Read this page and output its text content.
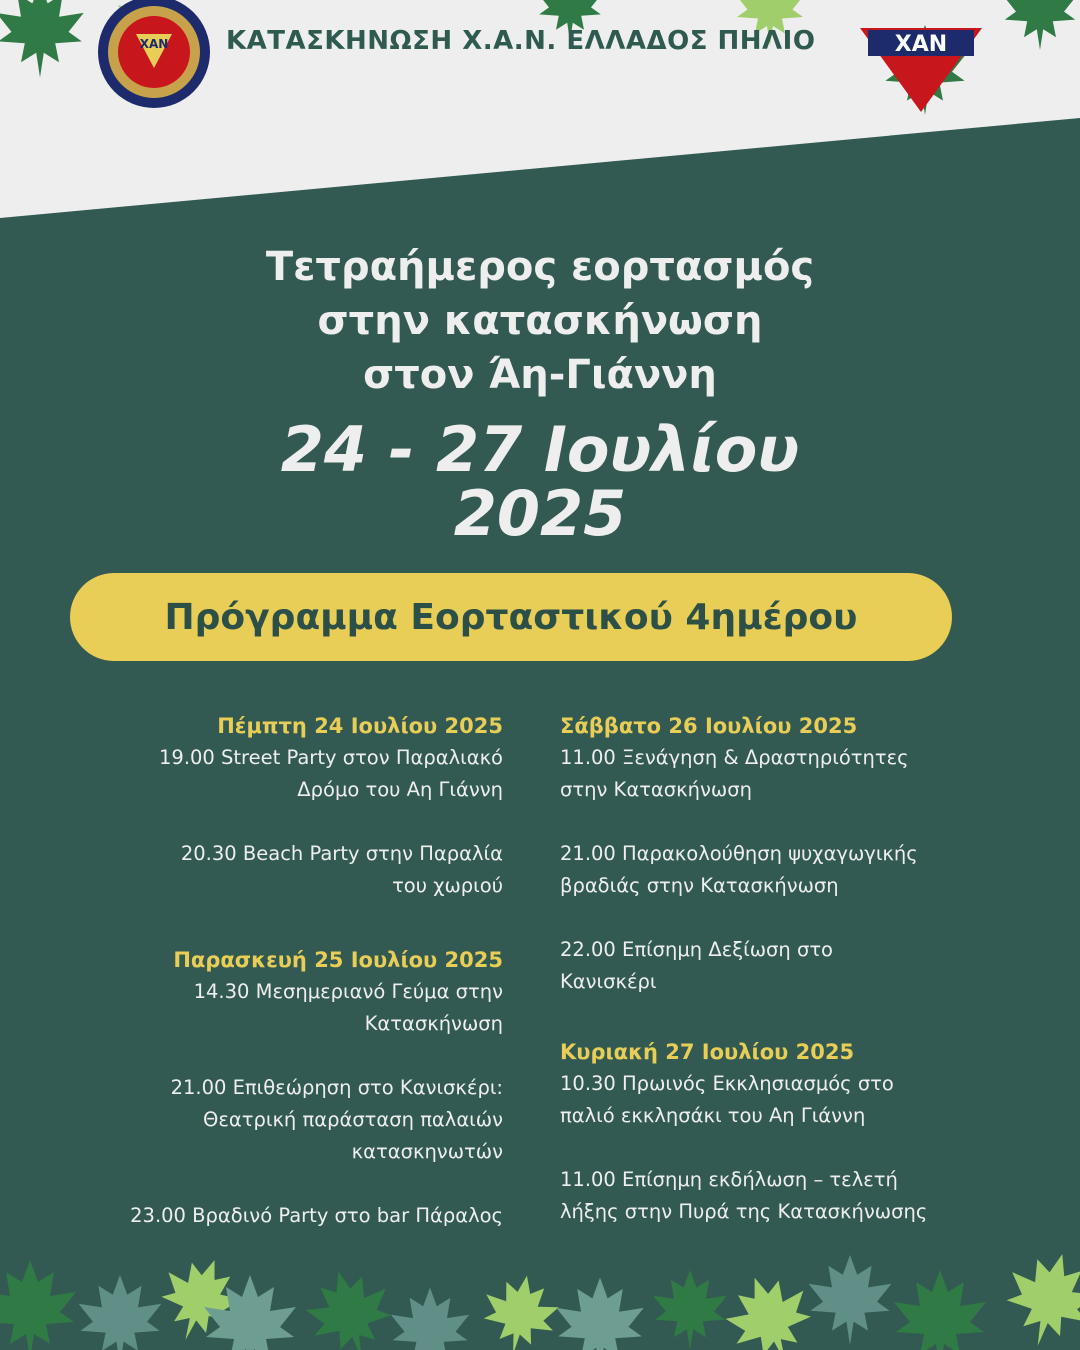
XAN	XAN
ΚΑΤΑΣΚΗΝΩΣΗ Χ.Α.Ν. ΕΛΛΑΔΟΣ ΠΗΛΙΟ
Τετραήμερος εορτασμός
στην κατασκήνωση
στον Άη-Γιάννη
24 - 27 Ιουλίου
2025
Πρόγραμμα Εορταστικού 4ημέρου
Πέμπτη 24 Ιουλίου 2025
19.00 Street Party στον Παραλιακό
Δρόμο του Αη Γιάννη
20.30 Beach Party στην Παραλία
του χωριού
Παρασκευή 25 Ιουλίου 2025
14.30 Μεσημεριανό Γεύμα στην
Κατασκήνωση
21.00 Επιθεώρηση στο Κανισκέρι:
Θεατρική παράσταση παλαιών
κατασκηνωτών
23.00 Βραδινό Party στο bar Πάραλος
Σάββατο 26 Ιουλίου 2025
11.00 Ξενάγηση & Δραστηριότητες
στην Κατασκήνωση
21.00 Παρακολούθηση ψυχαγωγικής
βραδιάς στην Κατασκήνωση
22.00 Επίσημη Δεξίωση στο
Κανισκέρι
Κυριακή 27 Ιουλίου 2025
10.30 Πρωινός Εκκλησιασμός στο
παλιό εκκλησάκι του Αη Γιάννη
11.00 Επίσημη εκδήλωση – τελετή
λήξης στην Πυρά της Κατασκήνωσης
